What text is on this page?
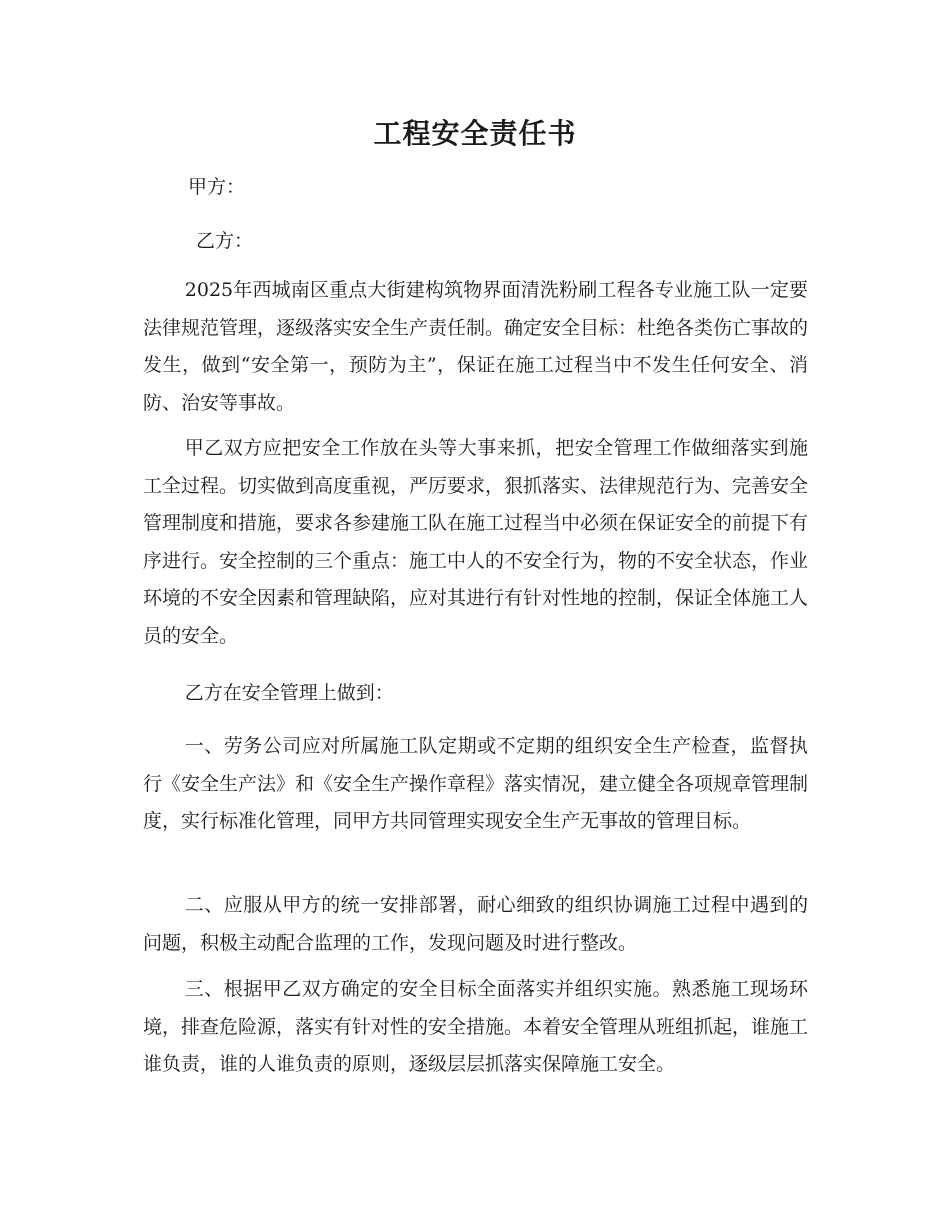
工程安全责任书

甲方：

乙方：

2025年西城南区重点大街建构筑物界面清洗粉刷工程各专业施工队一定要法律规范管理，逐级落实安全生产责任制。确定安全目标：杜绝各类伤亡事故的发生，做到“安全第一，预防为主”，保证在施工过程当中不发生任何安全、消防、治安等事故。

甲乙双方应把安全工作放在头等大事来抓，把安全管理工作做细落实到施工全过程。切实做到高度重视，严厉要求，狠抓落实、法律规范行为、完善安全管理制度和措施，要求各参建施工队在施工过程当中必须在保证安全的前提下有序进行。安全控制的三个重点：施工中人的不安全行为，物的不安全状态，作业环境的不安全因素和管理缺陷，应对其进行有针对性地的控制，保证全体施工人员的安全。

乙方在安全管理上做到：

一、劳务公司应对所属施工队定期或不定期的组织安全生产检查，监督执行《安全生产法》和《安全生产操作章程》落实情况，建立健全各项规章管理制度，实行标准化管理，同甲方共同管理实现安全生产无事故的管理目标。

二、应服从甲方的统一安排部署，耐心细致的组织协调施工过程中遇到的问题，积极主动配合监理的工作，发现问题及时进行整改。

三、根据甲乙双方确定的安全目标全面落实并组织实施。熟悉施工现场环境，排查危险源，落实有针对性的安全措施。本着安全管理从班组抓起，谁施工谁负责，谁的人谁负责的原则，逐级层层抓落实保障施工安全。
